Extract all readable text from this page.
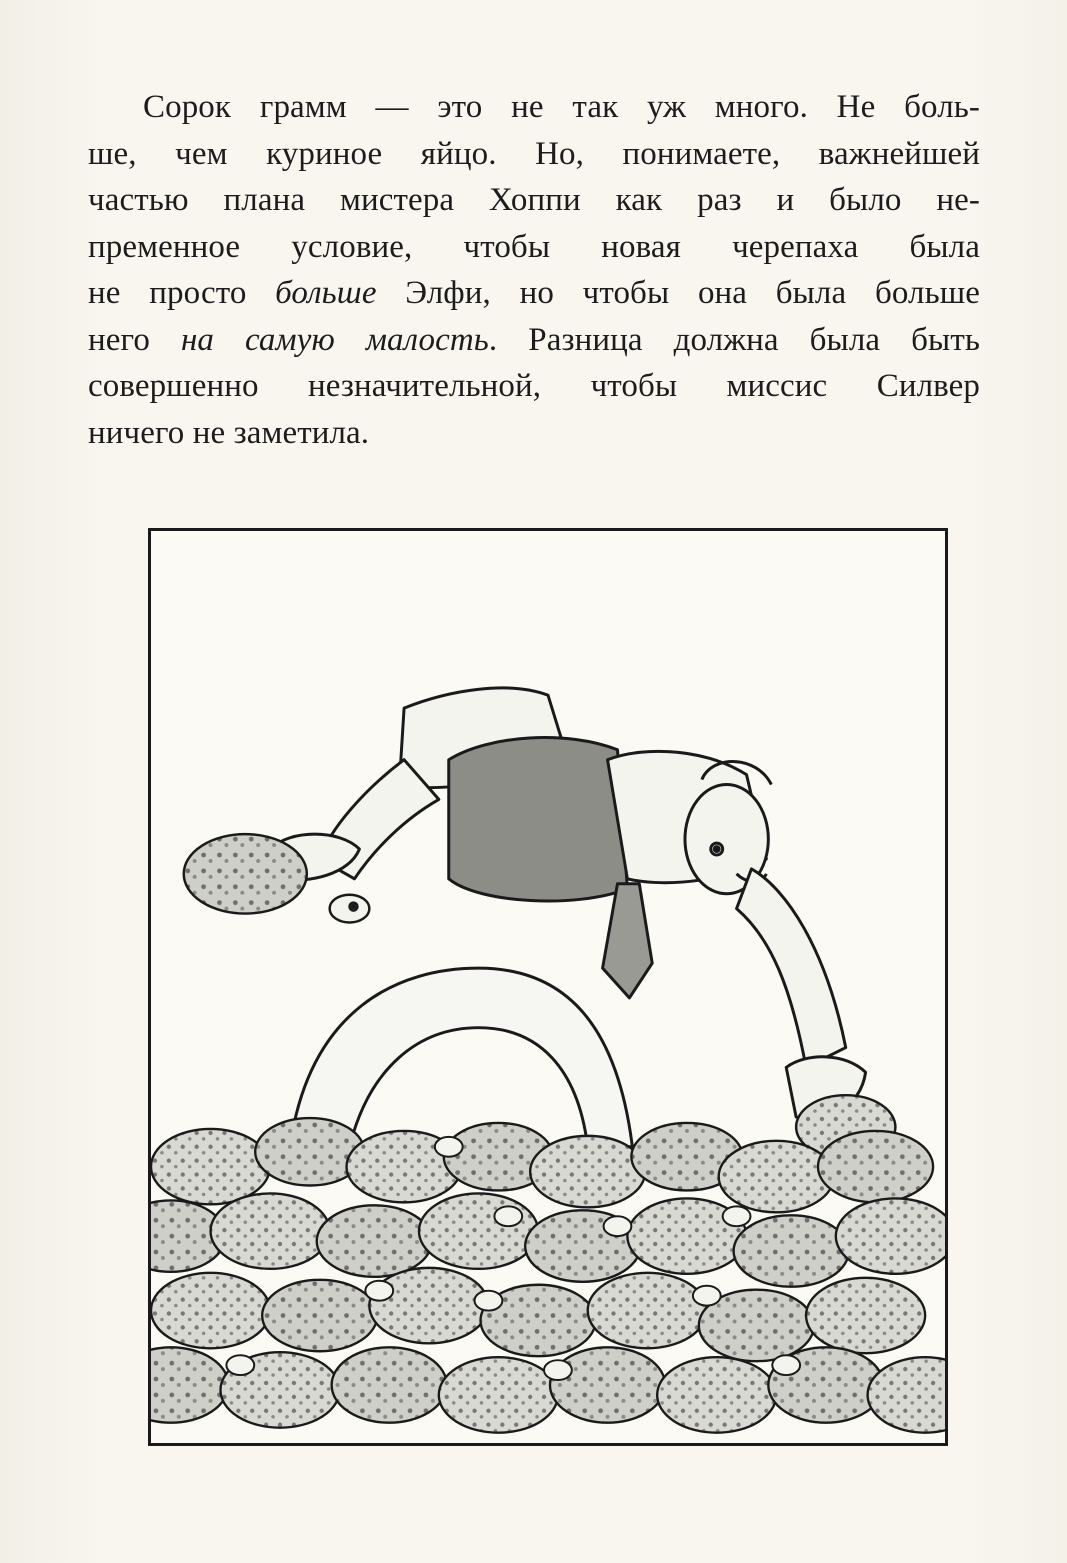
Сорок грамм — это не так уж много. Не боль-
ше, чем куриное яйцо. Но, понимаете, важнейшей
частью плана мистера Хоппи как раз и было не-
пременное условие, чтобы новая черепаха была
не просто больше Элфи, но чтобы она была больше
него на самую малость. Разница должна была быть
совершенно незначительной, чтобы миссис Силвер
ничего не заметила.
